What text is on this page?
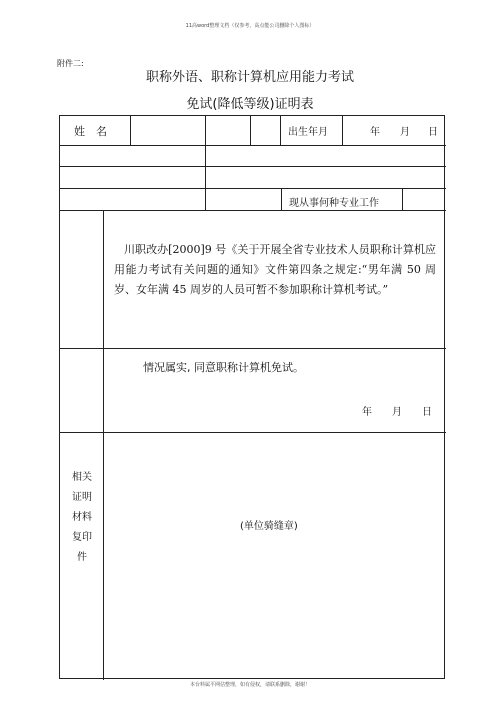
11高word整理文档（仅参考，高点能公司删除个人图标）
附件二:
职称外语、职称计算机应用能力考试
免试(降低等级)证明表
姓　名	出生年月	年 月 日
现从事何种专业工作
川职改办[2000]9 号《关于开展全省专业技术人员职称计算机应用能力考试有关问题的通知》文件第四条之规定:“男年满 50 周岁、女年满 45 周岁的人员可暂不参加职称计算机考试。”
情况属实, 同意职称计算机免试。
年 月 日
相关证明材料复印件
(单位骑缝章)
本台料属平网估整理，如有侵权，请联系删除，谢谢！
